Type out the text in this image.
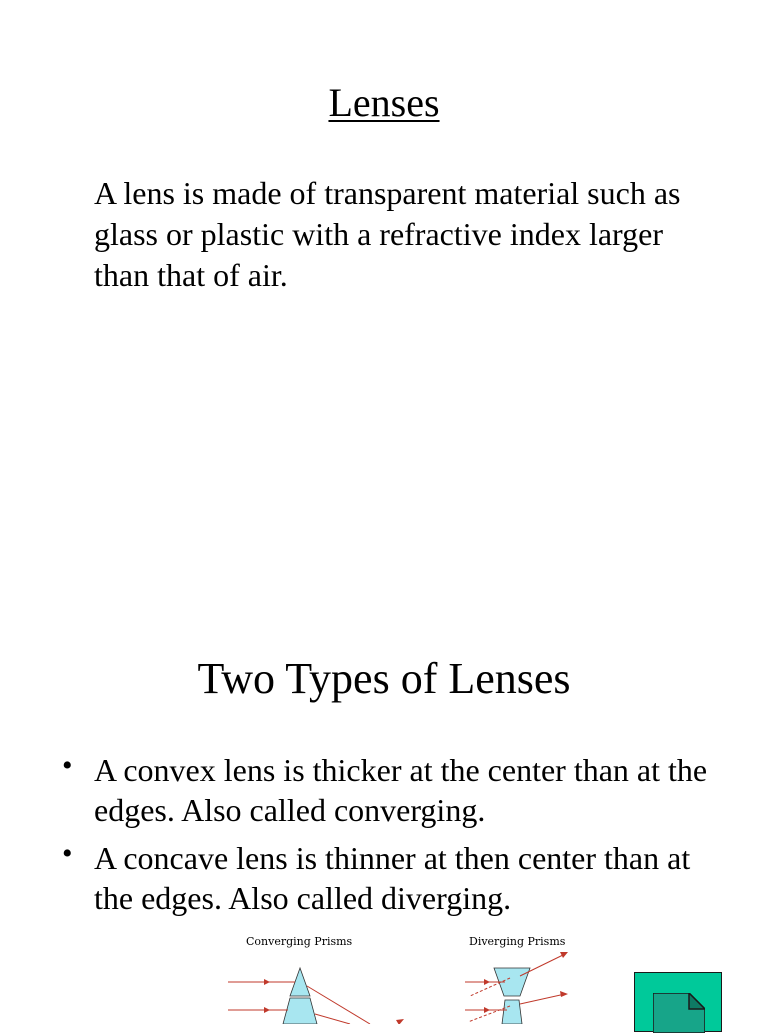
Lenses
A lens is made of transparent material such as glass or plastic with a refractive index larger than that of air.
Two Types of Lenses
• A convex lens is thicker at the center than at the edges. Also called converging.
• A concave lens is thinner at then center than at the edges. Also called diverging.
Converging Prisms	Diverging Prisms
